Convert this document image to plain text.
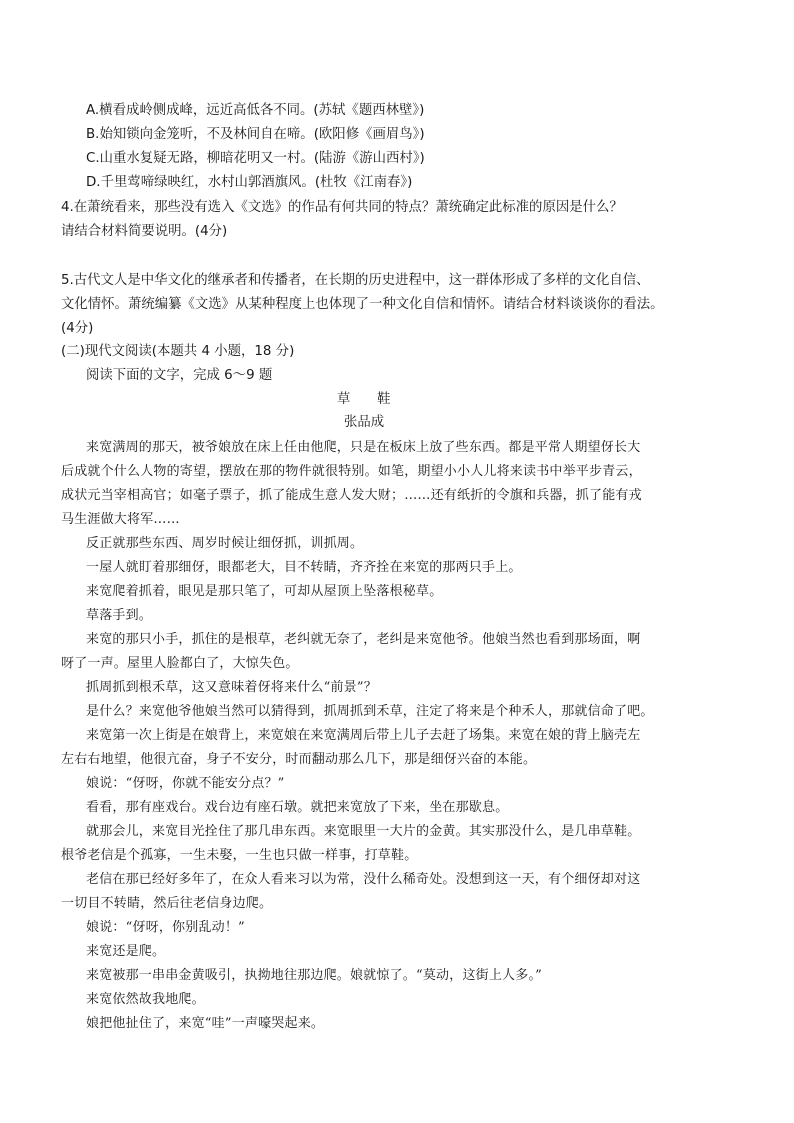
A.横看成岭侧成峰，远近高低各不同。(苏轼《题西林壁》)
B.始知锁向金笼听，不及林间自在啼。(欧阳修《画眉鸟》)
C.山重水复疑无路，柳暗花明又一村。(陆游《游山西村》)
D.千里莺啼绿映红，水村山郭酒旗风。(杜牧《江南春》)
4.在萧统看来，那些没有选入《文选》的作品有何共同的特点？萧统确定此标准的原因是什么？
请结合材料简要说明。(4分)
5.古代文人是中华文化的继承者和传播者，在长期的历史进程中，这一群体形成了多样的文化自信、
文化情怀。萧统编纂《文选》从某种程度上也体现了一种文化自信和情怀。请结合材料谈谈你的看法。
(4分)
(二)现代文阅读(本题共 4 小题，18 分)
阅读下面的文字，完成 6～9 题
草　　鞋
张品成
来宽满周的那天，被爷娘放在床上任由他爬，只是在板床上放了些东西。都是平常人期望伢长大
后成就个什么人物的寄望，摆放在那的物件就很特别。如笔，期望小小人儿将来读书中举平步青云，
成状元当宰相高官；如毫子票子，抓了能成生意人发大财；……还有纸折的令旗和兵器，抓了能有戎
马生涯做大将军……
反正就那些东西、周岁时候让细伢抓，训抓周。
一屋人就盯着那细伢，眼都老大，目不转睛，齐齐拴在来宽的那两只手上。
来宽爬着抓着，眼见是那只笔了，可却从屋顶上坠落根秘草。
草落手到。
来宽的那只小手，抓住的是根草，老纠就无奈了，老纠是来宽他爷。他娘当然也看到那场面，啊
呀了一声。屋里人脸都白了，大惊失色。
抓周抓到根禾草，这又意味着伢将来什么“前景”？
是什么？来宽他爷他娘当然可以猜得到，抓周抓到禾草，注定了将来是个种禾人，那就信命了吧。
来宽第一次上街是在娘背上，来宽娘在来宽满周后带上儿子去赶了场集。来宽在娘的背上脑壳左
左右右地望，他很亢奋，身子不安分，时而翻动那么几下，那是细伢兴奋的本能。
娘说：“伢呀，你就不能安分点？”
看看，那有座戏台。戏台边有座石墩。就把来宽放了下来，坐在那歇息。
就那会儿，来宽目光拴住了那几串东西。来宽眼里一大片的金黄。其实那没什么，是几串草鞋。
根爷老信是个孤寡，一生未娶，一生也只做一样事，打草鞋。
老信在那已经好多年了，在众人看来习以为常，没什么稀奇处。没想到这一天，有个细伢却对这
一切目不转睛，然后往老信身边爬。
娘说：“伢呀，你别乱动！”
来宽还是爬。
来宽被那一串串金黄吸引，执拗地往那边爬。娘就惊了。“莫动，这街上人多。”
来宽依然故我地爬。
娘把他扯住了，来宽“哇”一声嚎哭起来。
